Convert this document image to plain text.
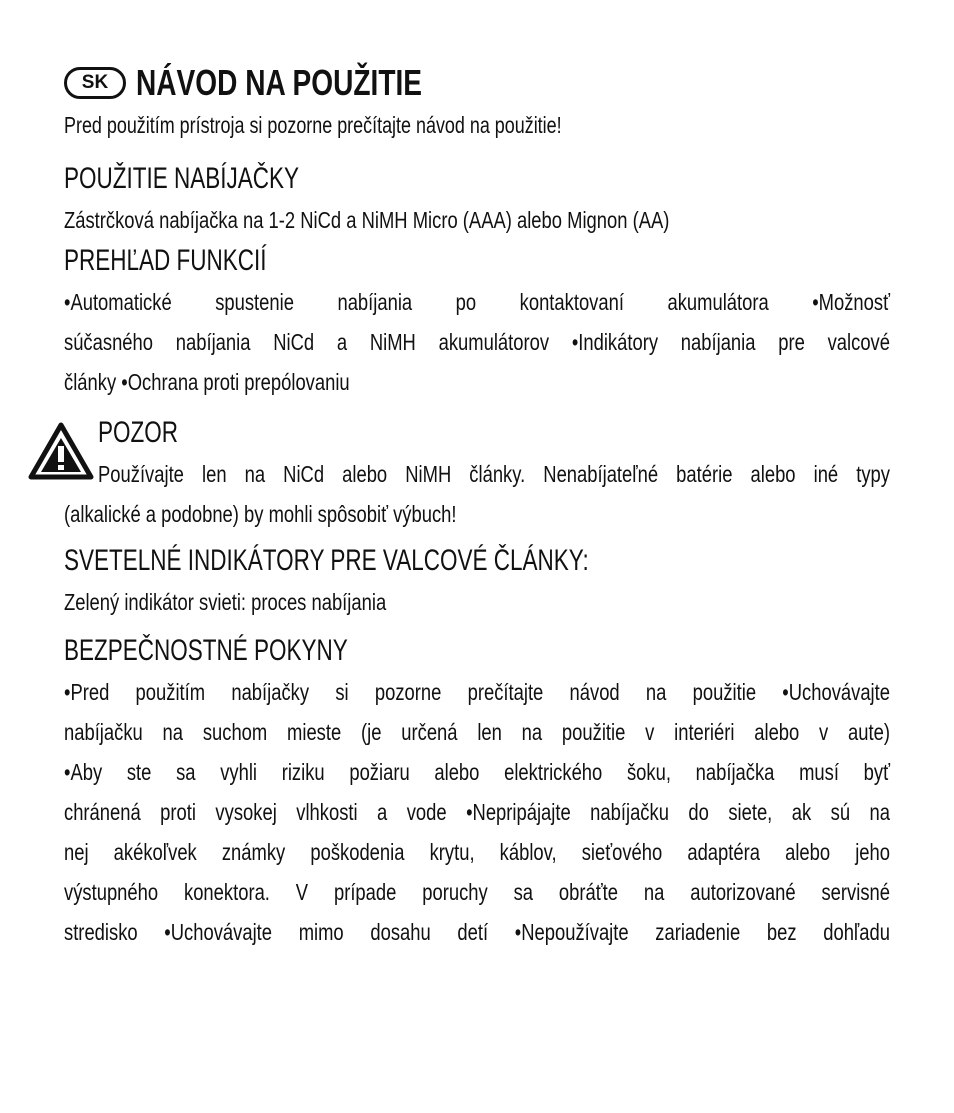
SK NÁVOD NA POUŽITIE
Pred použitím prístroja si pozorne prečítajte návod na použitie!
POUŽITIE NABÍJAČKY
Zástrčková nabíjačka na 1-2 NiCd a NiMH Micro (AAA) alebo Mignon (AA)
PREHĽAD FUNKCIÍ
•Automatické spustenie nabíjania po kontaktovaní akumulátora •Možnosť
súčasného nabíjania NiCd a NiMH akumulátorov •Indikátory nabíjania pre valcové
články •Ochrana proti prepólovaniu
POZOR
Používajte len na NiCd alebo NiMH články. Nenabíjateľné batérie alebo iné typy
(alkalické a podobne) by mohli spôsobiť výbuch!
SVETELNÉ INDIKÁTORY PRE VALCOVÉ ČLÁNKY:
Zelený indikátor svieti: proces nabíjania
BEZPEČNOSTNÉ POKYNY
•Pred použitím nabíjačky si pozorne prečítajte návod na použitie •Uchovávajte
nabíjačku na suchom mieste (je určená len na použitie v interiéri alebo v aute)
•Aby ste sa vyhli riziku požiaru alebo elektrického šoku, nabíjačka musí byť
chránená proti vysokej vlhkosti a vode •Nepripájajte nabíjačku do siete, ak sú na
nej akékoľvek známky poškodenia krytu, káblov, sieťového adaptéra alebo jeho
výstupného konektora. V prípade poruchy sa obráťte na autorizované servisné
stredisko •Uchovávajte mimo dosahu detí •Nepoužívajte zariadenie bez dohľadu
